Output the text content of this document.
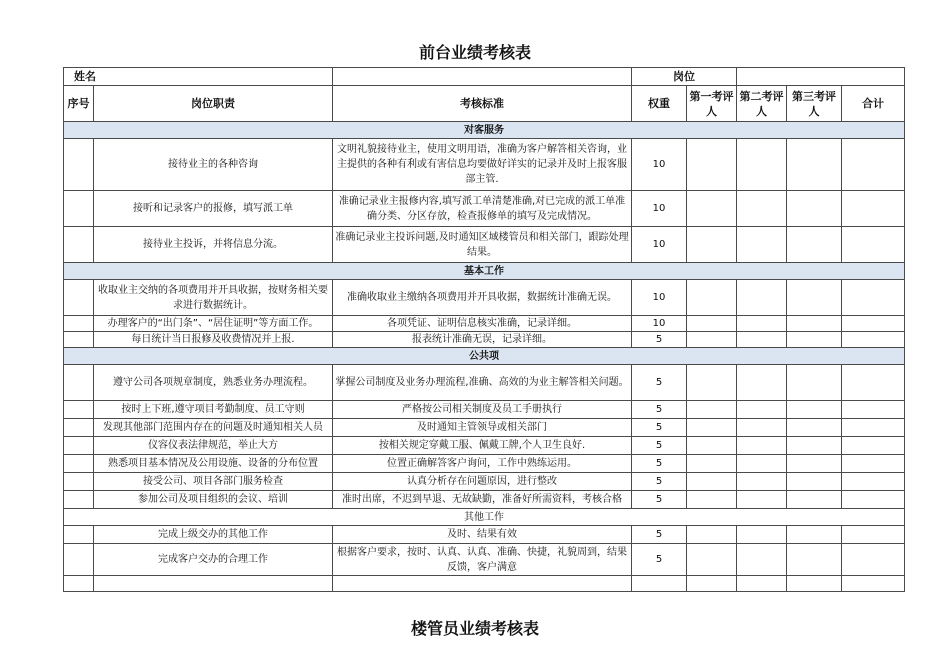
前台业绩考核表
姓名			岗位				
序号	岗位职责	考核标准	权重	第一考评人	第二考评人	第三考评人	合计
对客服务							
	接待业主的各种咨询	文明礼貌接待业主，使用文明用语，准确为客户解答相关咨询，业主提供的各种有利或有害信息均要做好详实的记录并及时上报客服部主管.	10				
	接听和记录客户的报修，填写派工单	准确记录业主报修内容,填写派工单清楚准确,对已完成的派工单准确分类、分区存放，检查报修单的填写及完成情况。	10				
	接待业主投诉，并将信息分流。	准确记录业主投诉问题,及时通知区域楼管员和相关部门，跟踪处理结果。	10				
基本工作							
	收取业主交纳的各项费用并开具收据，按财务相关要求进行数据统计。	准确收取业主缴纳各项费用并开具收据，数据统计准确无误。	10				
	办理客户的“出门条”、“居住证明”等方面工作。	各项凭证、证明信息核实准确，记录详细。	10				
	每日统计当日报修及收费情况并上报.	报表统计准确无误，记录详细。	5				
公共项							
	遵守公司各项规章制度，熟悉业务办理流程。	掌握公司制度及业务办理流程,准确、高效的为业主解答相关问题。	5				
	按时上下班,遵守项目考勤制度、员工守则	严格按公司相关制度及员工手册执行	5				
	发现其他部门范围内存在的问题及时通知相关人员	及时通知主管领导或相关部门	5				
	仪容仪表法律规范，举止大方	按相关规定穿戴工服、佩戴工牌,个人卫生良好.	5				
	熟悉项目基本情况及公用设施、设备的分布位置	位置正确解答客户询问，工作中熟练运用。	5				
	接受公司、项目各部门服务检查	认真分析存在问题原因，进行整改	5				
	参加公司及项目组织的会议、培训	准时出席，不迟到早退、无故缺勤，准备好所需资料，考核合格	5				
其他工作							
	完成上级交办的其他工作	及时、结果有效	5				
	完成客户交办的合理工作	根据客户要求，按时、认真、认真、准确、快捷，礼貌周到，结果反馈，客户满意	5				

楼管员业绩考核表
